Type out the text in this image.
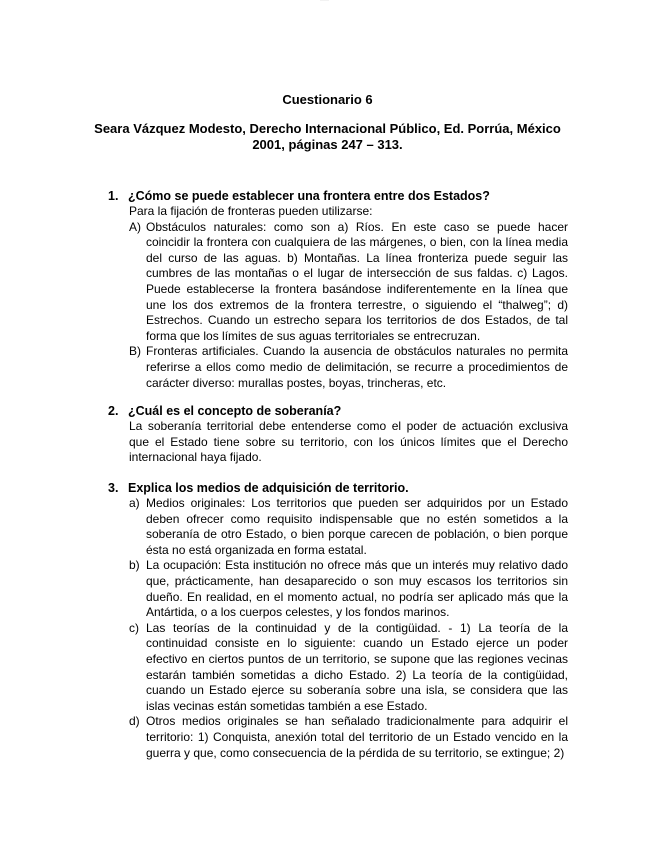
Cuestionario 6
Seara Vázquez Modesto, Derecho Internacional Público, Ed. Porrúa, México 2001, páginas 247 – 313.
1. ¿Cómo se puede establecer una frontera entre dos Estados?
Para la fijación de fronteras pueden utilizarse:
A) Obstáculos naturales: como son a) Ríos. En este caso se puede hacer coincidir la frontera con cualquiera de las márgenes, o bien, con la línea media del curso de las aguas. b) Montañas. La línea fronteriza puede seguir las cumbres de las montañas o el lugar de intersección de sus faldas. c) Lagos. Puede establecerse la frontera basándose indiferentemente en la línea que une los dos extremos de la frontera terrestre, o siguiendo el “thalweg”; d) Estrechos. Cuando un estrecho separa los territorios de dos Estados, de tal forma que los límites de sus aguas territoriales se entrecruzan.
B) Fronteras artificiales. Cuando la ausencia de obstáculos naturales no permita referirse a ellos como medio de delimitación, se recurre a procedimientos de carácter diverso: murallas postes, boyas, trincheras, etc.
2. ¿Cuál es el concepto de soberanía?
La soberanía territorial debe entenderse como el poder de actuación exclusiva que el Estado tiene sobre su territorio, con los únicos límites que el Derecho internacional haya fijado.
3. Explica los medios de adquisición de territorio.
a) Medios originales: Los territorios que pueden ser adquiridos por un Estado deben ofrecer como requisito indispensable que no estén sometidos a la soberanía de otro Estado, o bien porque carecen de población, o bien porque ésta no está organizada en forma estatal.
b) La ocupación: Esta institución no ofrece más que un interés muy relativo dado que, prácticamente, han desaparecido o son muy escasos los territorios sin dueño. En realidad, en el momento actual, no podría ser aplicado más que la Antártida, o a los cuerpos celestes, y los fondos marinos.
c) Las teorías de la continuidad y de la contigüidad. - 1) La teoría de la continuidad consiste en lo siguiente: cuando un Estado ejerce un poder efectivo en ciertos puntos de un territorio, se supone que las regiones vecinas estarán también sometidas a dicho Estado. 2) La teoría de la contigüidad, cuando un Estado ejerce su soberanía sobre una isla, se considera que las islas vecinas están sometidas también a ese Estado.
d) Otros medios originales se han señalado tradicionalmente para adquirir el territorio: 1) Conquista, anexión total del territorio de un Estado vencido en la guerra y que, como consecuencia de la pérdida de su territorio, se extingue; 2)
